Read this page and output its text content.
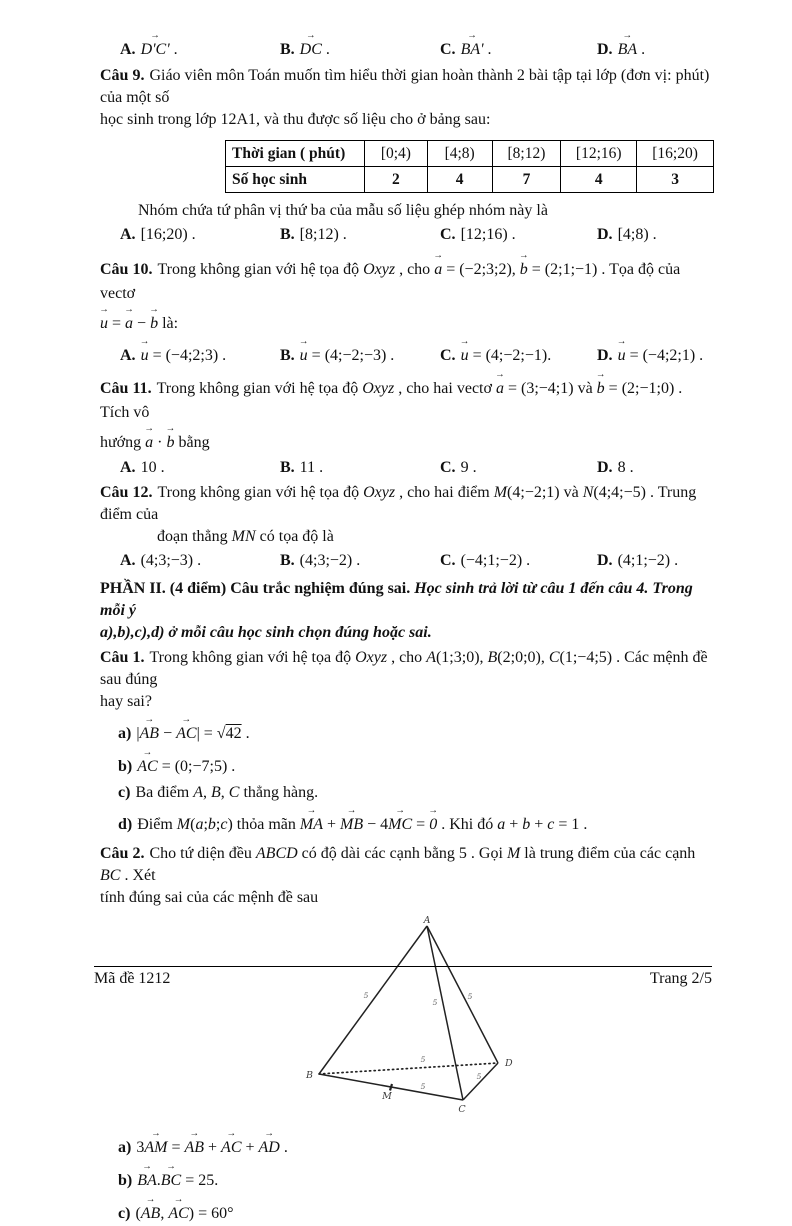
A. D'C' → .	B. DC → .	C. BA' → .	D. BA → .

Câu 9. Giáo viên môn Toán muốn tìm hiểu thời gian hoàn thành 2 bài tập tại lớp (đơn vị: phút) của một số

học sinh trong lớp 12A1, và thu được số liệu cho ở bảng sau:

Thời gian ( phút)	[0;4)	[4;8)	[8;12)	[12;16)	[16;20)
Số học sinh	2	4	7	4	3

Nhóm chứa tứ phân vị thứ ba của mẫu số liệu ghép nhóm này là

A. [16;20) .	B. [8;12) .	C. [12;16) .	D. [4;8) .

Câu 10. Trong không gian với hệ tọa độ Oxyz , cho a → = (−2;3;2), b → = (2;1;−1) . Tọa độ của vectơ

u → = a → − b → là:

A. u → = (−4;2;3) .	B. u → = (4;−2;−3) .	C. u → = (4;−2;−1).	D. u → = (−4;2;1) .

Câu 11. Trong không gian với hệ tọa độ Oxyz , cho hai vectơ a → = (3;−4;1) và b → = (2;−1;0) . Tích vô

hướng a → · b → bằng

A. 10 .	B. 11 .	C. 9 .	D. 8 .

Câu 12. Trong không gian với hệ tọa độ Oxyz , cho hai điểm M(4;−2;1) và N(4;4;−5) . Trung điểm của

đoạn thẳng MN có tọa độ là

A. (4;3;−3) .	B. (4;3;−2) .	C. (−4;1;−2) .	D. (4;1;−2) .

PHẦN II. (4 điểm) Câu trắc nghiệm đúng sai. Học sinh trả lời từ câu 1 đến câu 4. Trong mỗi ý

a),b),c),d) ở mỗi câu học sinh chọn đúng hoặc sai.

Câu 1. Trong không gian với hệ tọa độ Oxyz , cho A(1;3;0), B(2;0;0), C(1;−4;5) . Các mệnh đề sau đúng

hay sai?

a) |AB → − AC →| = √42 .

b) AC → = (0;−7;5) .

c) Ba điểm A, B, C thẳng hàng.

d) Điểm M(a;b;c) thỏa mãn MA → + MB → − 4MC → = 0 → . Khi đó a + b + c = 1 .

Câu 2. Cho tứ diện đều ABCD có độ dài các cạnh bằng 5 . Gọi M là trung điểm của các cạnh BC . Xét

tính đúng sai của các mệnh đề sau

A
B
C
D
M
5
5
5
5
5
5

a) 3AM → = AB → + AC → + AD → .

b) BA →.BC → = 25.

c) (AB →, AC →) = 60°

Mã đề 1212	Trang 2/5
